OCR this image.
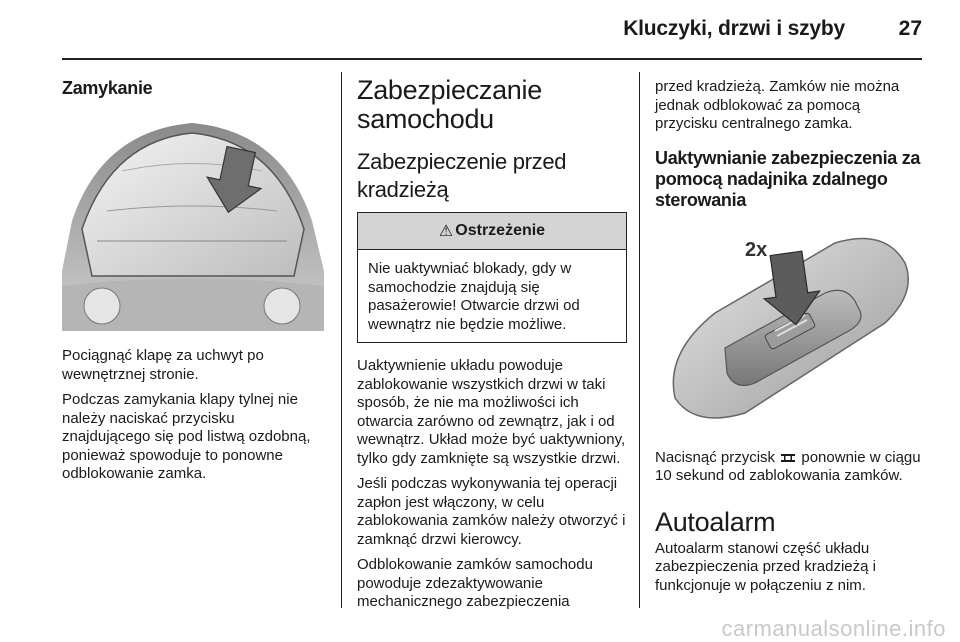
Kluczyki, drzwi i szyby	27
Zamykanie

Pociągnąć klapę za uchwyt po wewnętrznej stronie.

Podczas zamykania klapy tylnej nie należy naciskać przycisku znajdującego się pod listwą ozdobną, ponieważ spowoduje to ponowne odblokowanie zamka.

Zabezpieczanie samochodu
Zabezpieczenie przed kradzieżą
⚠ Ostrzeżenie

Nie uaktywniać blokady, gdy w samochodzie znajdują się pasażerowie! Otwarcie drzwi od wewnątrz nie będzie możliwe.

Uaktywnienie układu powoduje zablokowanie wszystkich drzwi w taki sposób, że nie ma możliwości ich otwarcia zarówno od zewnątrz, jak i od wewnątrz. Układ może być uaktywniony, tylko gdy zamknięte są wszystkie drzwi.

Jeśli podczas wykonywania tej operacji zapłon jest włączony, w celu zablokowania zamków należy otworzyć i zamknąć drzwi kierowcy.

Odblokowanie zamków samochodu powoduje zdezaktywowanie mechanicznego zabezpieczenia

przed kradzieżą. Zamków nie można jednak odblokować za pomocą przycisku centralnego zamka.

Uaktywnianie zabezpieczenia za pomocą nadajnika zdalnego sterowania
2x

Nacisnąć przycisk ponownie w ciągu 10 sekund od zablokowania zamków.

Autoalarm

Autoalarm stanowi część układu zabezpieczenia przed kradzieżą i funkcjonuje w połączeniu z nim.

carmanualsonline.info
